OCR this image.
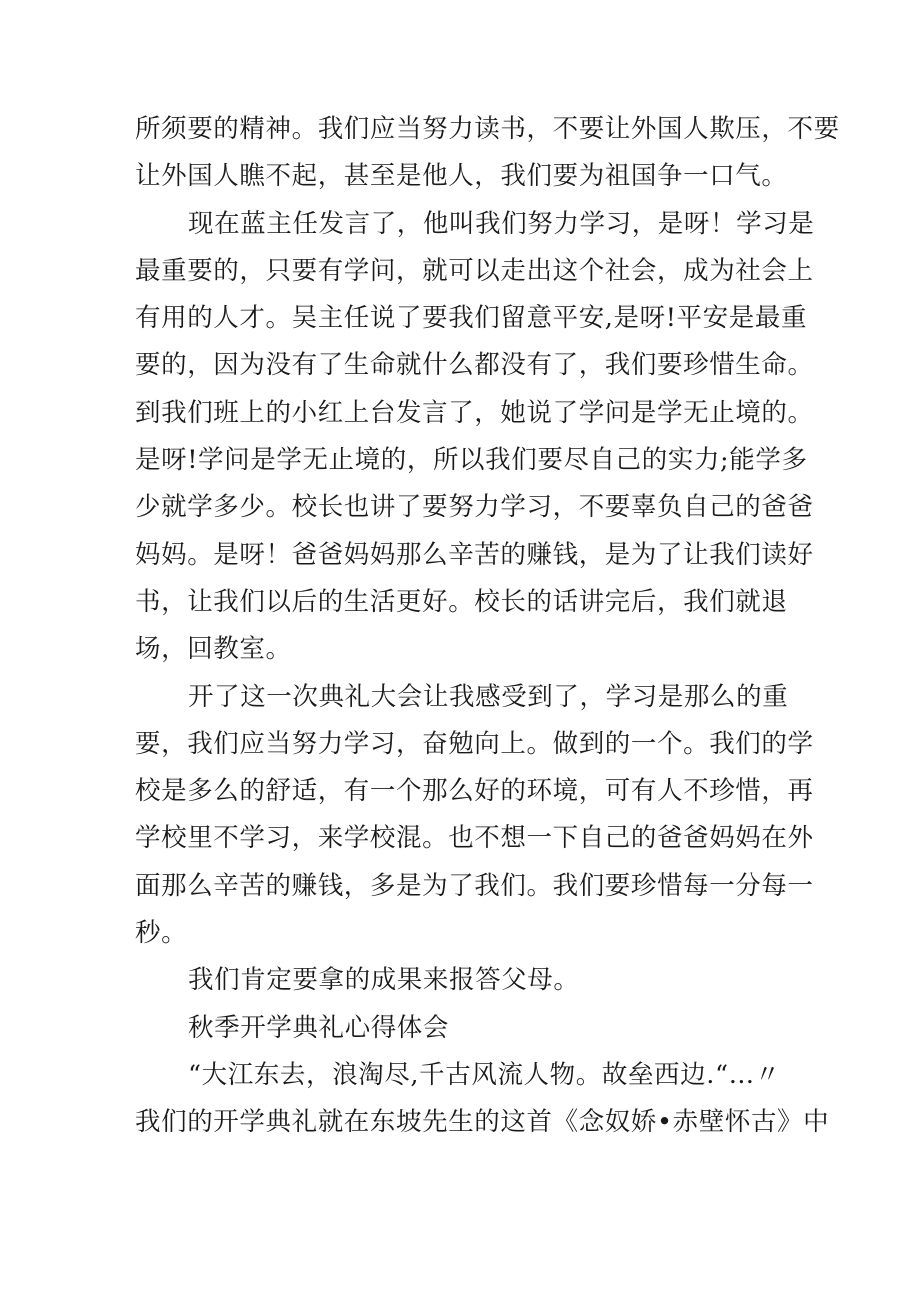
所须要的精神。我们应当努力读书，不要让外国人欺压，不要
让外国人瞧不起，甚至是他人，我们要为祖国争一口气。
现在蓝主任发言了，他叫我们努力学习，是呀！学习是
最重要的，只要有学问，就可以走出这个社会，成为社会上
有用的人才。吴主任说了要我们留意平安,是呀!平安是最重
要的，因为没有了生命就什么都没有了，我们要珍惜生命。
到我们班上的小红上台发言了，她说了学问是学无止境的。
是呀!学问是学无止境的，所以我们要尽自己的实力;能学多
少就学多少。校长也讲了要努力学习，不要辜负自己的爸爸
妈妈。是呀！爸爸妈妈那么辛苦的赚钱，是为了让我们读好
书，让我们以后的生活更好。校长的话讲完后，我们就退
场，回教室。
开了这一次典礼大会让我感受到了，学习是那么的重
要，我们应当努力学习，奋勉向上。做到的一个。我们的学
校是多么的舒适，有一个那么好的环境，可有人不珍惜，再
学校里不学习，来学校混。也不想一下自己的爸爸妈妈在外
面那么辛苦的赚钱，多是为了我们。我们要珍惜每一分每一
秒。
我们肯定要拿的成果来报答父母。
秋季开学典礼心得体会
“大江东去，浪淘尽,千古风流人物。故垒西边.“…〃
我们的开学典礼就在东坡先生的这首《念奴娇•赤壁怀古》中
